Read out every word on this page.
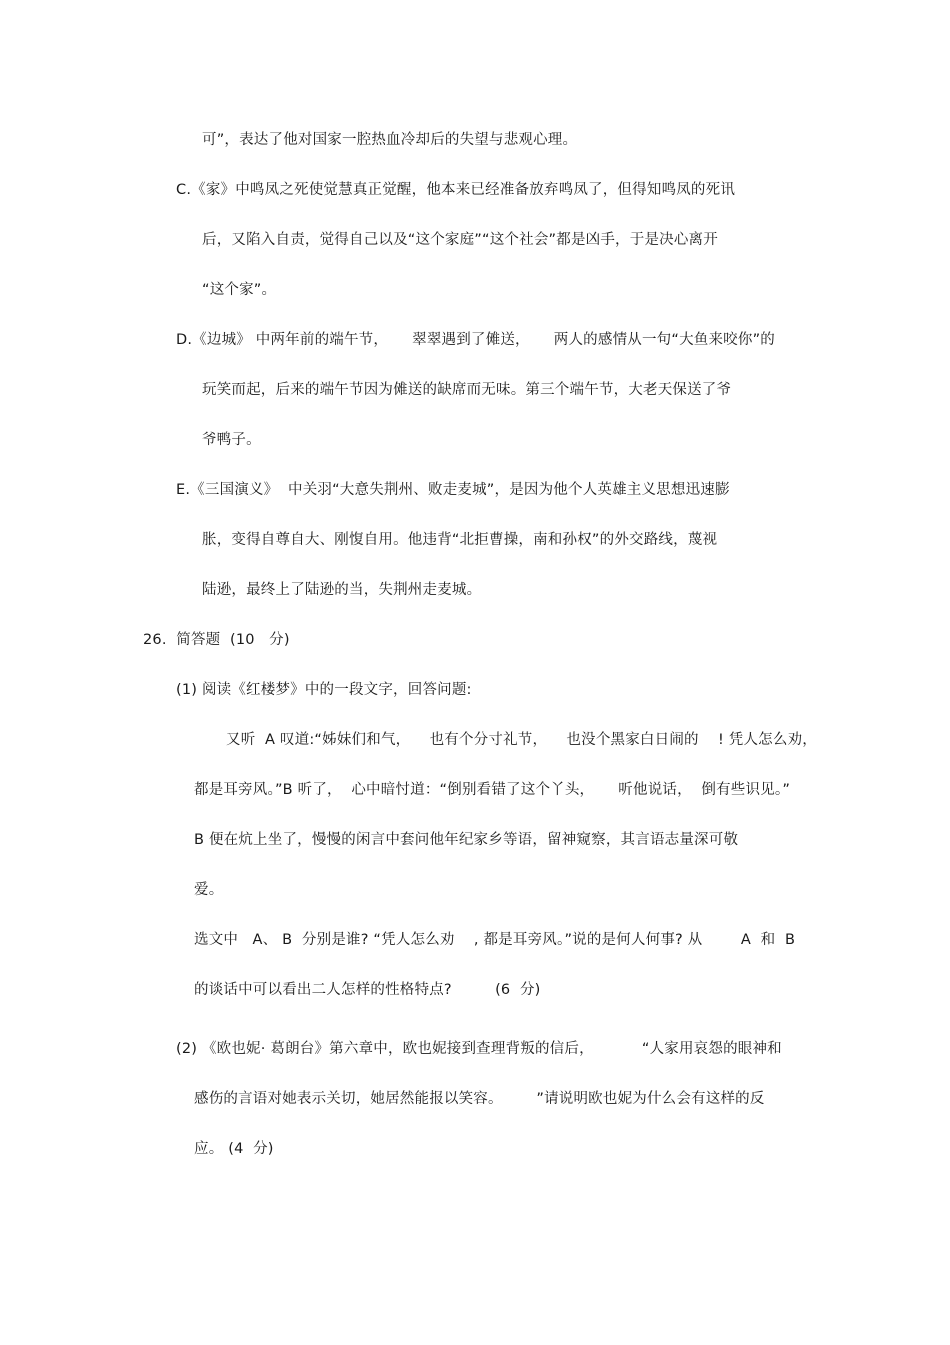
可”，表达了他对国家一腔热血冷却后的失望与悲观心理。
C.《家》中鸣凤之死使觉慧真正觉醒，他本来已经准备放弃鸣凤了，但得知鸣凤的死讯
后，又陷入自责，觉得自己以及“这个家庭”“这个社会”都是凶手，于是决心离开
“这个家”。
D.《边城》 中两年前的端午节，     翠翠遇到了傩送，     两人的感情从一句“大鱼来咬你”的
玩笑而起，后来的端午节因为傩送的缺席而无味。第三个端午节，大老天保送了爷
爷鸭子。
E.《三国演义》  中关羽“大意失荆州、败走麦城”，是因为他个人英雄主义思想迅速膨
胀，变得自尊自大、刚愎自用。他违背“北拒曹操，南和孙权”的外交路线，蔑视
陆逊，最终上了陆逊的当，失荆州走麦城。
26.  简答题  (10   分)
(1) 阅读《红楼梦》中的一段文字，回答问题:
又听  A 叹道:“姊妹们和气，    也有个分寸礼节，    也没个黑家白日闹的    ! 凭人怎么劝，
都是耳旁风。”B 听了，  心中暗忖道：“倒别看错了这个丫头，     听他说话，  倒有些识见。”
B 便在炕上坐了，慢慢的闲言中套问他年纪家乡等语，留神窥察，其言语志量深可敬
爱。
选文中   A、 B  分别是谁? “凭人怎么劝    , 都是耳旁风。”说的是何人何事? 从        A  和  B
的谈话中可以看出二人怎样的性格特点?         (6  分)
(2) 《欧也妮· 葛朗台》第六章中，欧也妮接到查理背叛的信后，          “人家用哀怨的眼神和
感伤的言语对她表示关切，她居然能报以笑容。       ”请说明欧也妮为什么会有这样的反
应。 (4  分)
